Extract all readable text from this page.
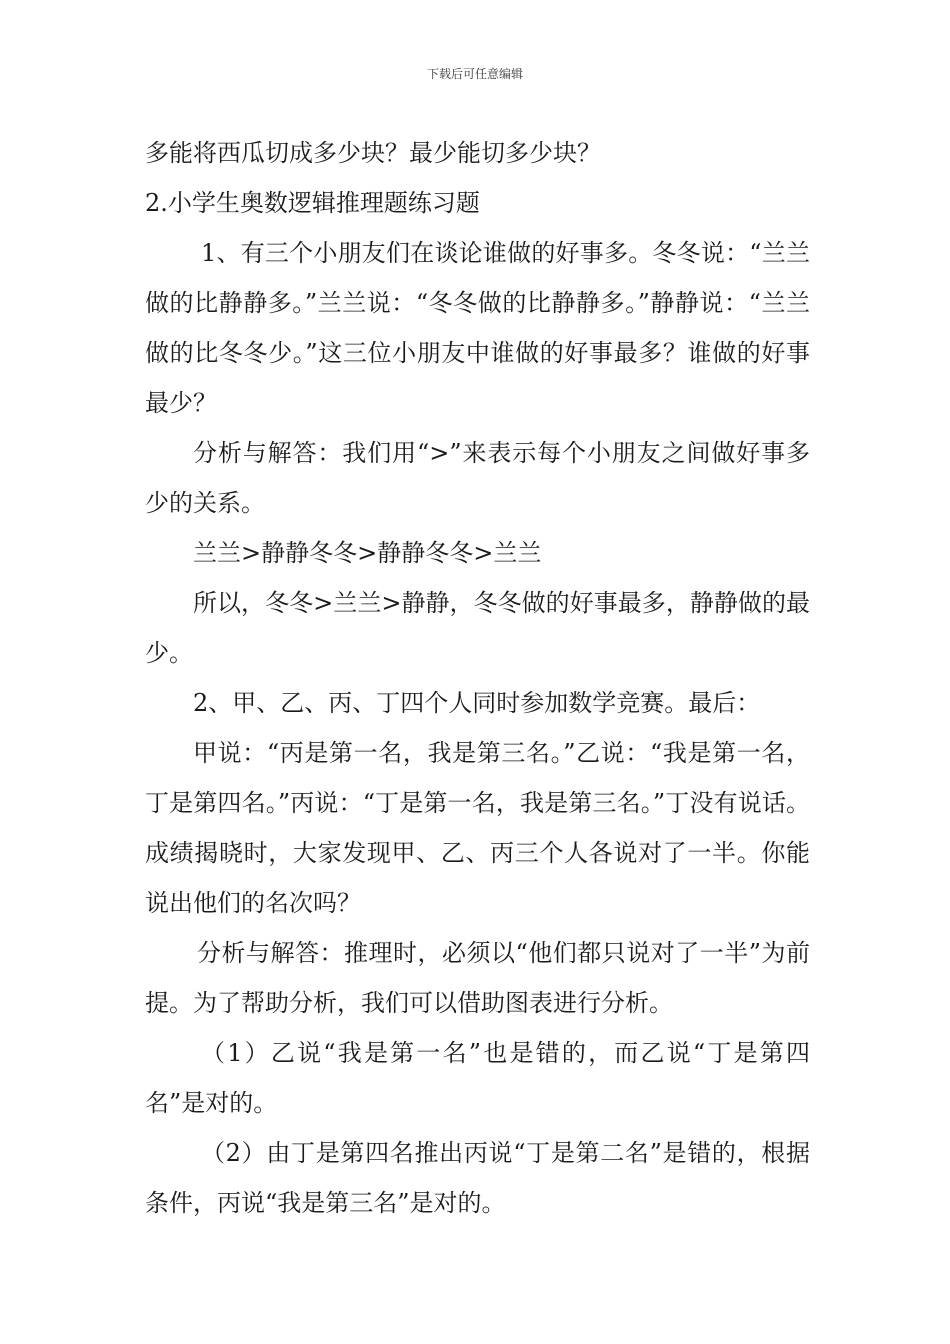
下载后可任意编辑

多能将西瓜切成多少块？最少能切多少块？

2.小学生奥数逻辑推理题练习题

1、有三个小朋友们在谈论谁做的好事多。冬冬说：“兰兰做的比静静多。”兰兰说：“冬冬做的比静静多。”静静说：“兰兰做的比冬冬少。”这三位小朋友中谁做的好事最多？谁做的好事最少？

分析与解答：我们用“>”来表示每个小朋友之间做好事多少的关系。

兰兰>静静冬冬>静静冬冬>兰兰

所以，冬冬>兰兰>静静，冬冬做的好事最多，静静做的最少。

2、甲、乙、丙、丁四个人同时参加数学竞赛。最后：

甲说：“丙是第一名，我是第三名。”乙说：“我是第一名，丁是第四名。”丙说：“丁是第一名，我是第三名。”丁没有说话。成绩揭晓时，大家发现甲、乙、丙三个人各说对了一半。你能说出他们的名次吗？

分析与解答：推理时，必须以“他们都只说对了一半”为前提。为了帮助分析，我们可以借助图表进行分析。

（1）乙说“我是第一名”也是错的，而乙说“丁是第四名”是对的。

（2）由丁是第四名推出丙说“丁是第二名”是错的，根据条件，丙说“我是第三名”是对的。
